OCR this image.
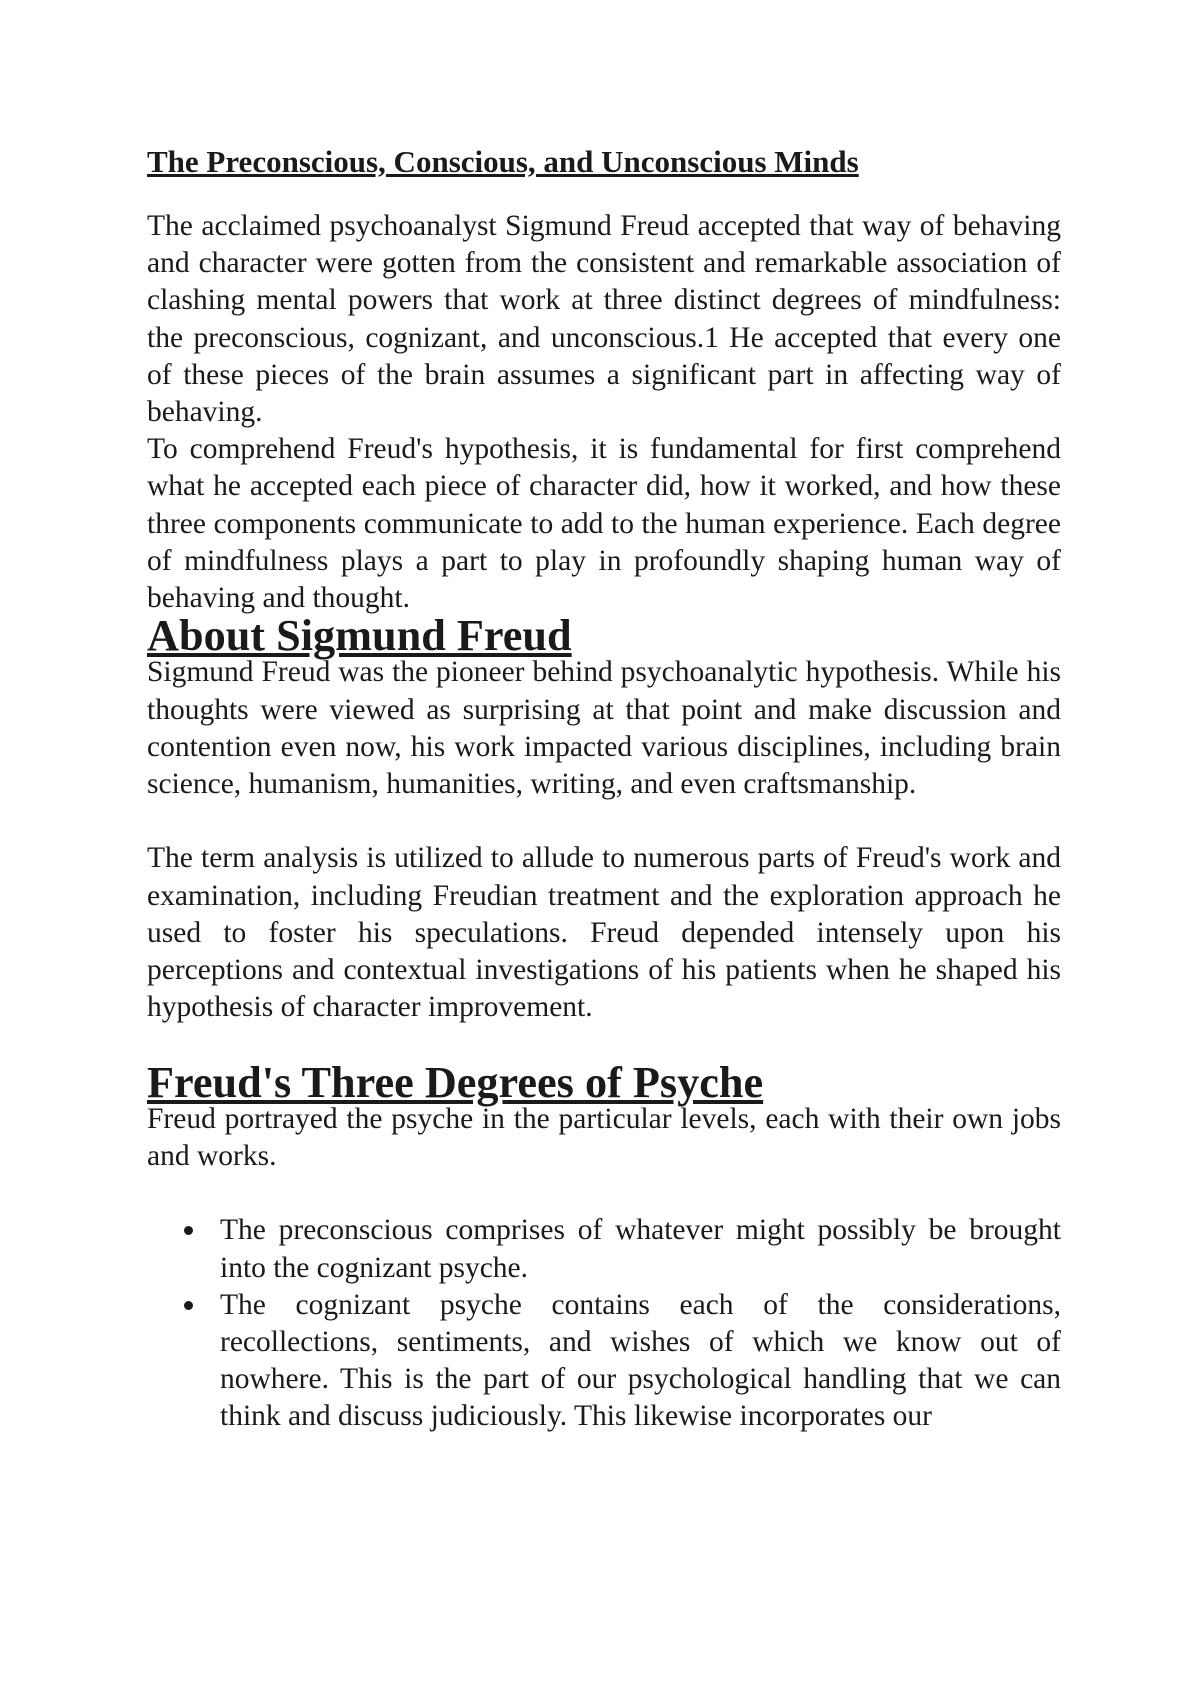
The Preconscious, Conscious, and Unconscious Minds

The acclaimed psychoanalyst Sigmund Freud accepted that way of behaving and character were gotten from the consistent and remarkable association of clashing mental powers that work at three distinct degrees of mindfulness: the preconscious, cognizant, and unconscious.1 He accepted that every one of these pieces of the brain assumes a significant part in affecting way of behaving.

To comprehend Freud's hypothesis, it is fundamental for first comprehend what he accepted each piece of character did, how it worked, and how these three components communicate to add to the human experience. Each degree of mindfulness plays a part to play in profoundly shaping human way of behaving and thought.

About Sigmund Freud

Sigmund Freud was the pioneer behind psychoanalytic hypothesis. While his thoughts were viewed as surprising at that point and make discussion and contention even now, his work impacted various disciplines, including brain science, humanism, humanities, writing, and even craftsmanship.

The term analysis is utilized to allude to numerous parts of Freud's work and examination, including Freudian treatment and the exploration approach he used to foster his speculations. Freud depended intensely upon his perceptions and contextual investigations of his patients when he shaped his hypothesis of character improvement.

Freud's Three Degrees of Psyche

Freud portrayed the psyche in the particular levels, each with their own jobs and works.

The preconscious comprises of whatever might possibly be brought into the cognizant psyche.
The cognizant psyche contains each of the considerations, recollections, sentiments, and wishes of which we know out of nowhere. This is the part of our psychological handling that we can think and discuss judiciously. This likewise incorporates our
